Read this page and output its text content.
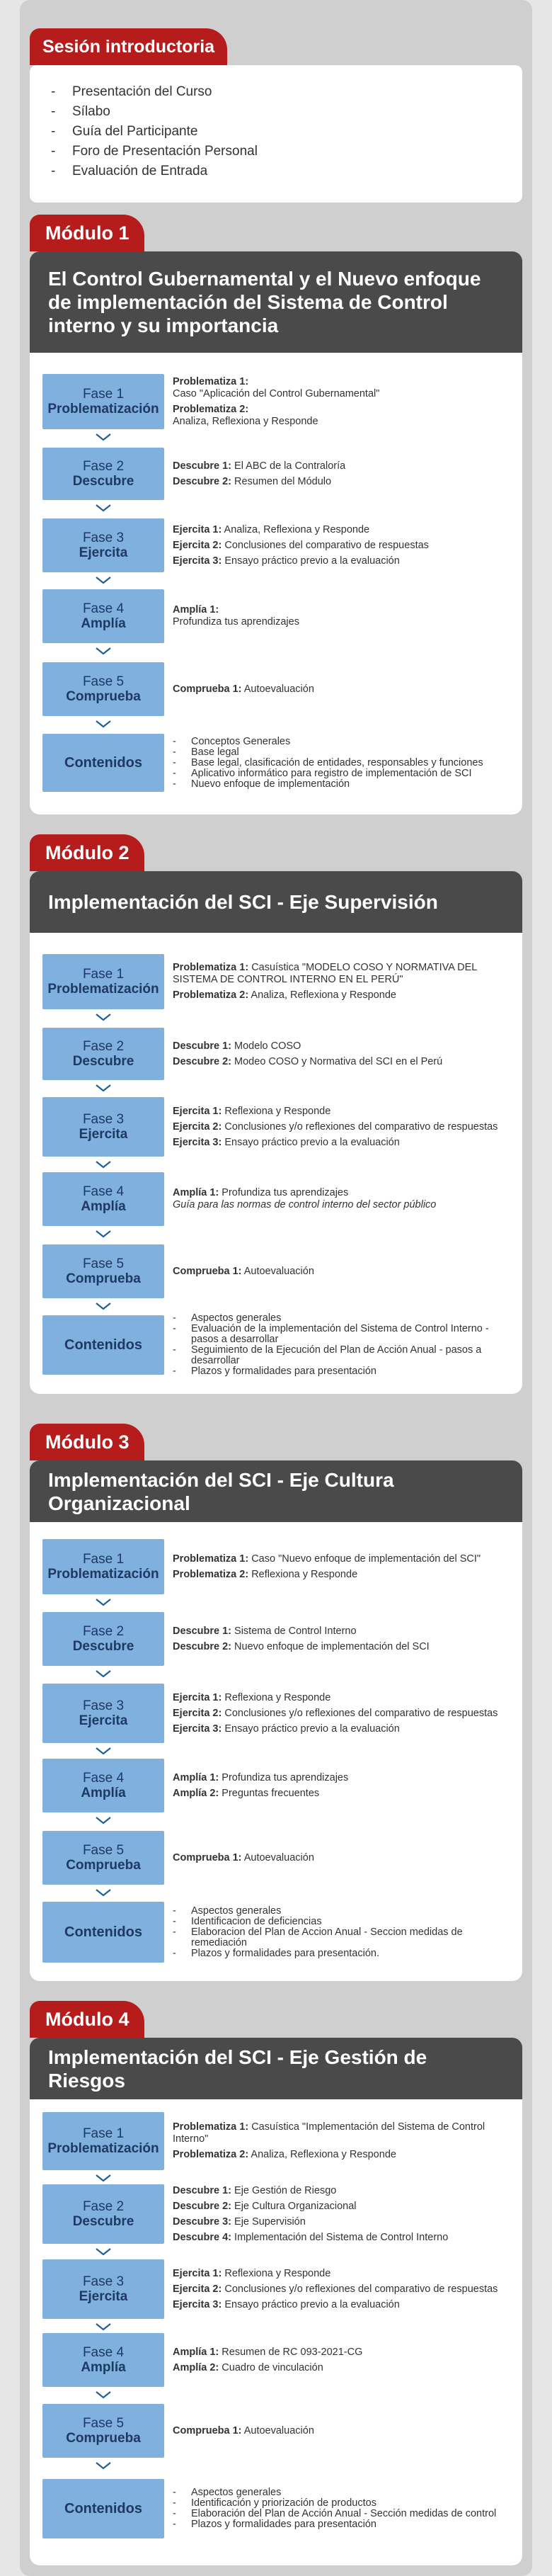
Sesión introductoria
- Presentación del Curso
- Sílabo
- Guía del Participante
- Foro de Presentación Personal
- Evaluación de Entrada
Módulo 1
El Control Gubernamental y el Nuevo enfoque de implementación del Sistema de Control interno y su importancia
Fase 1
Problematización
Problematiza 1:
Caso "Aplicación del Control Gubernamental"
Problematiza 2:
Analiza, Reflexiona y Responde
Fase 2
Descubre
Descubre 1: El ABC de la Contraloría
Descubre 2: Resumen del Módulo
Fase 3
Ejercita
Ejercita 1: Analiza, Reflexiona y Responde
Ejercita 2: Conclusiones del comparativo de respuestas
Ejercita 3: Ensayo práctico previo a la evaluación
Fase 4
Amplía
Amplía 1:
Profundiza tus aprendizajes
Fase 5
Comprueba
Comprueba 1: Autoevaluación
Contenidos
- Conceptos Generales
- Base legal
- Base legal, clasificación de entidades, responsables y funciones
- Aplicativo informático para registro de implementación de SCI
- Nuevo enfoque de implementación
Módulo 2
Implementación del SCI - Eje Supervisión
Fase 1
Problematización
Problematiza 1: Casuística "MODELO COSO Y NORMATIVA DEL SISTEMA DE CONTROL INTERNO EN EL PERÚ"
Problematiza 2: Analiza, Reflexiona y Responde
Fase 2
Descubre
Descubre 1: Modelo COSO
Descubre 2: Modeo COSO y Normativa del SCI en el Perú
Fase 3
Ejercita
Ejercita 1: Reflexiona y Responde
Ejercita 2: Conclusiones y/o reflexiones del comparativo de respuestas
Ejercita 3: Ensayo práctico previo a la evaluación
Fase 4
Amplía
Amplía 1: Profundiza tus aprendizajes
Guía para las normas de control interno del sector público
Fase 5
Comprueba
Comprueba 1: Autoevaluación
Contenidos
- Aspectos generales
- Evaluación de la implementación del Sistema de Control Interno - pasos a desarrollar
- Seguimiento de la Ejecución del Plan de Acción Anual - pasos a desarrollar
- Plazos y formalidades para presentación
Módulo 3
Implementación del SCI - Eje Cultura Organizacional
Fase 1
Problematización
Problematiza 1: Caso "Nuevo enfoque de implementación del SCI"
Problematiza 2: Reflexiona y Responde
Fase 2
Descubre
Descubre 1: Sistema de Control Interno
Descubre 2: Nuevo enfoque de implementación del SCI
Fase 3
Ejercita
Ejercita 1: Reflexiona y Responde
Ejercita 2: Conclusiones y/o reflexiones del comparativo de respuestas
Ejercita 3: Ensayo práctico previo a la evaluación
Fase 4
Amplía
Amplía 1: Profundiza tus aprendizajes
Amplía 2: Preguntas frecuentes
Fase 5
Comprueba
Comprueba 1: Autoevaluación
Contenidos
- Aspectos generales
- Identificacion de deficiencias
- Elaboracion del Plan de Accion Anual - Seccion medidas de remediación
- Plazos y formalidades para presentación.
Módulo 4
Implementación del SCI - Eje Gestión de Riesgos
Fase 1
Problematización
Problematiza 1: Casuística "Implementación del Sistema de Control Interno"
Problematiza 2: Analiza, Reflexiona y Responde
Fase 2
Descubre
Descubre 1: Eje Gestión de Riesgo
Descubre 2: Eje Cultura Organizacional
Descubre 3: Eje Supervisión
Descubre 4: Implementación del Sistema de Control Interno
Fase 3
Ejercita
Ejercita 1: Reflexiona y Responde
Ejercita 2: Conclusiones y/o reflexiones del comparativo de respuestas
Ejercita 3: Ensayo práctico previo a la evaluación
Fase 4
Amplía
Amplía 1: Resumen de RC 093-2021-CG
Amplía 2: Cuadro de vinculación
Fase 5
Comprueba
Comprueba 1: Autoevaluación
Contenidos
- Aspectos generales
- Identificación y priorización de productos
- Elaboración del Plan de Acción Anual - Sección medidas de control
- Plazos y formalidades para presentación
